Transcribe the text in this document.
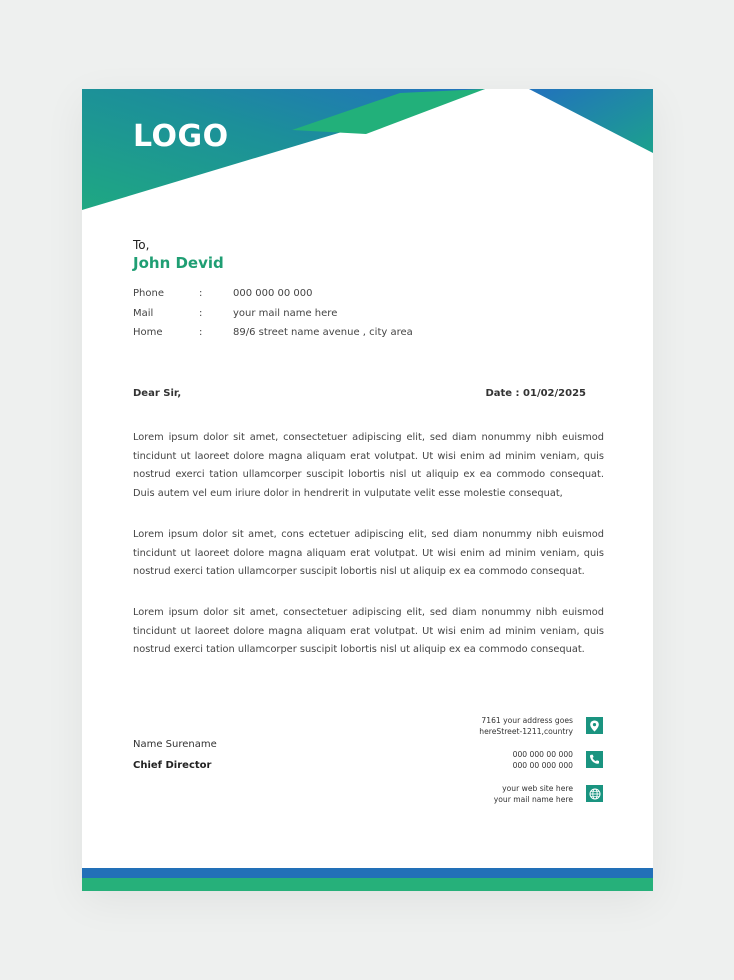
LOGO
To,
John Devid
Phone	:	000 000 00 000
Mail	:	your mail name here
Home	:	89/6 street name avenue , city area
Dear Sir,	Date : 01/02/2025

Lorem ipsum dolor sit amet, consectetuer adipiscing elit, sed diam nonummy nibh euismod tincidunt ut laoreet dolore magna aliquam erat volutpat. Ut wisi enim ad minim veniam, quis nostrud exerci tation ullamcorper suscipit lobortis nisl ut aliquip ex ea commodo consequat. Duis autem vel eum iriure dolor in hendrerit in vulputate velit esse molestie consequat,

Lorem ipsum dolor sit amet, cons ectetuer adipiscing elit, sed diam nonummy nibh euismod tincidunt ut laoreet dolore magna aliquam erat volutpat. Ut wisi enim ad minim veniam, quis nostrud exerci tation ullamcorper suscipit lobortis nisl ut aliquip ex ea commodo consequat.

Lorem ipsum dolor sit amet, consectetuer adipiscing elit, sed diam nonummy nibh euismod tincidunt ut laoreet dolore magna aliquam erat volutpat. Ut wisi enim ad minim veniam, quis nostrud exerci tation ullamcorper suscipit lobortis nisl ut aliquip ex ea commodo consequat.

Name Surename
Chief Director
7161 your address goes
hereStreet-1211,country
000 000 00 000
000 00 000 000
your web site here
your mail name here
